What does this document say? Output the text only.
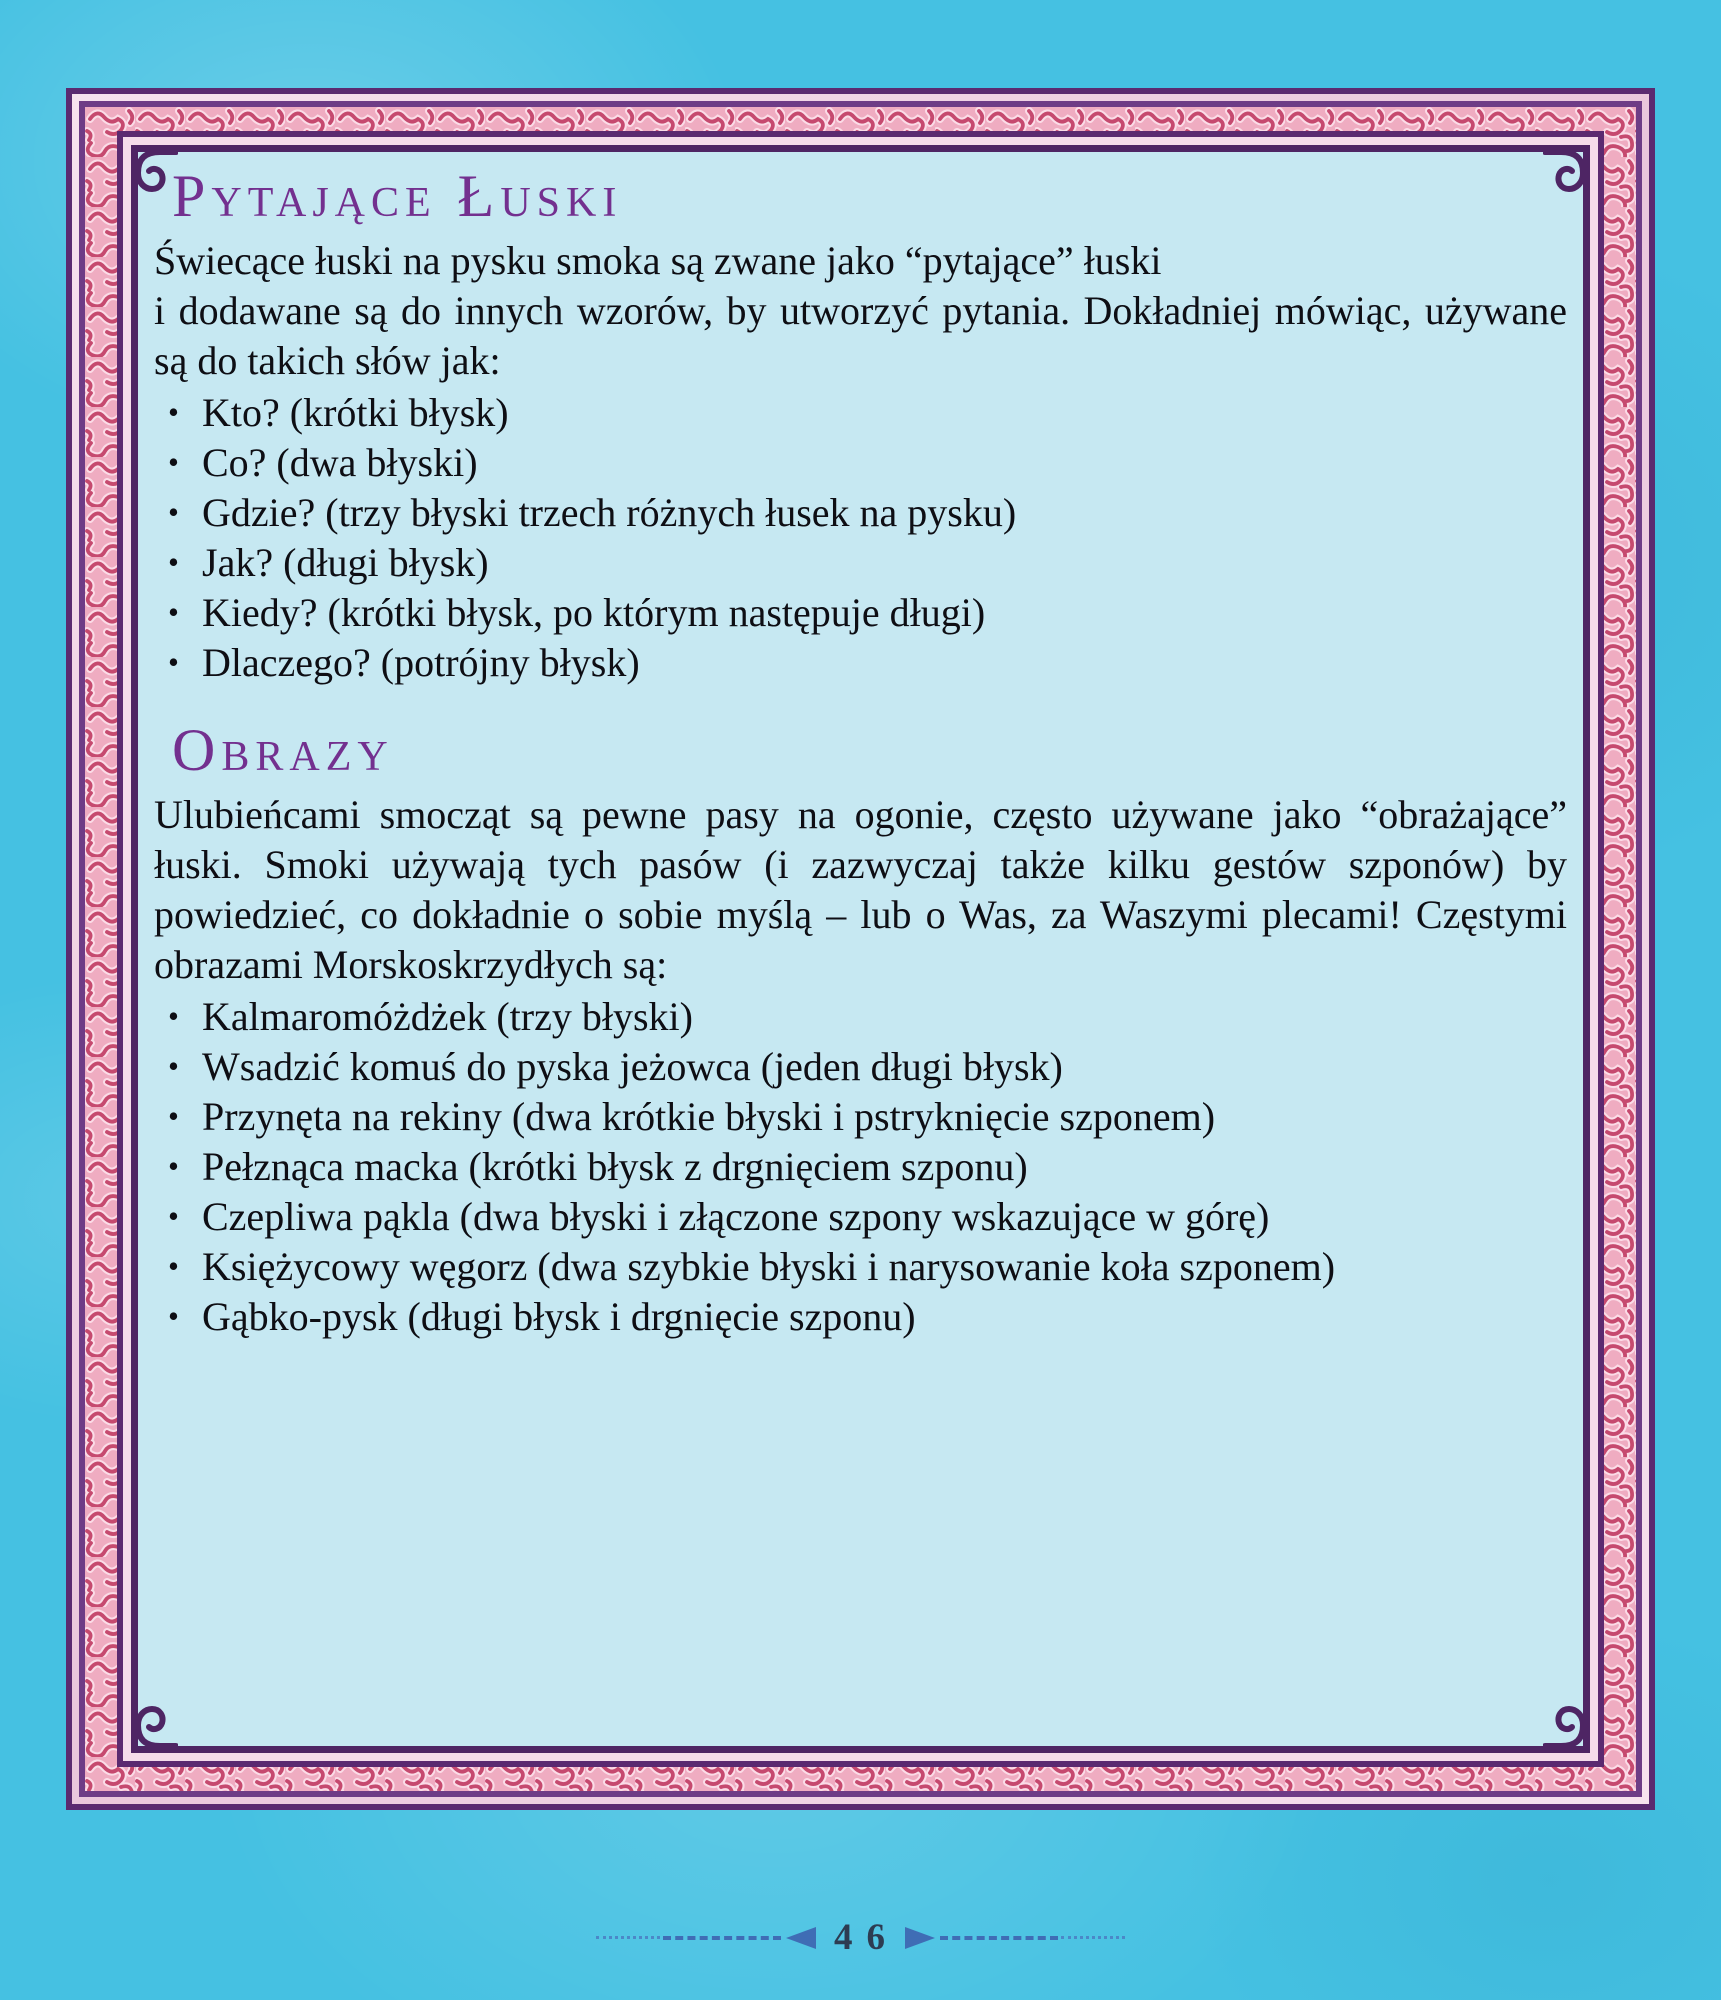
Pytające Łuski

Świecące łuski na pysku smoka są zwane jako “pytające” łuski

i dodawane są do innych wzorów, by utworzyć pytania. Dokładniej mówiąc, używane są do takich słów jak:

• Kto? (krótki błysk)
• Co? (dwa błyski)
• Gdzie? (trzy błyski trzech różnych łusek na pysku)
• Jak? (długi błysk)
• Kiedy? (krótki błysk, po którym następuje długi)
• Dlaczego? (potrójny błysk)
Obrazy

Ulubieńcami smocząt są pewne pasy na ogonie, często używane jako “obrażające” łuski. Smoki używają tych pasów (i zazwyczaj także kilku gestów szponów) by powiedzieć, co dokładnie o sobie myślą – lub o Was, za Waszymi plecami! Częstymi obrazami Morskoskrzydłych są:

• Kalmaromóżdżek (trzy błyski)
• Wsadzić komuś do pyska jeżowca (jeden długi błysk)
• Przynęta na rekiny (dwa krótkie błyski i pstryknięcie szponem)
• Pełznąca macka (krótki błysk z drgnięciem szponu)
• Czepliwa pąkla (dwa błyski i złączone szpony wskazujące w górę)
• Księżycowy węgorz (dwa szybkie błyski i narysowanie koła szponem)
• Gąbko-pysk (długi błysk i drgnięcie szponu)
46
